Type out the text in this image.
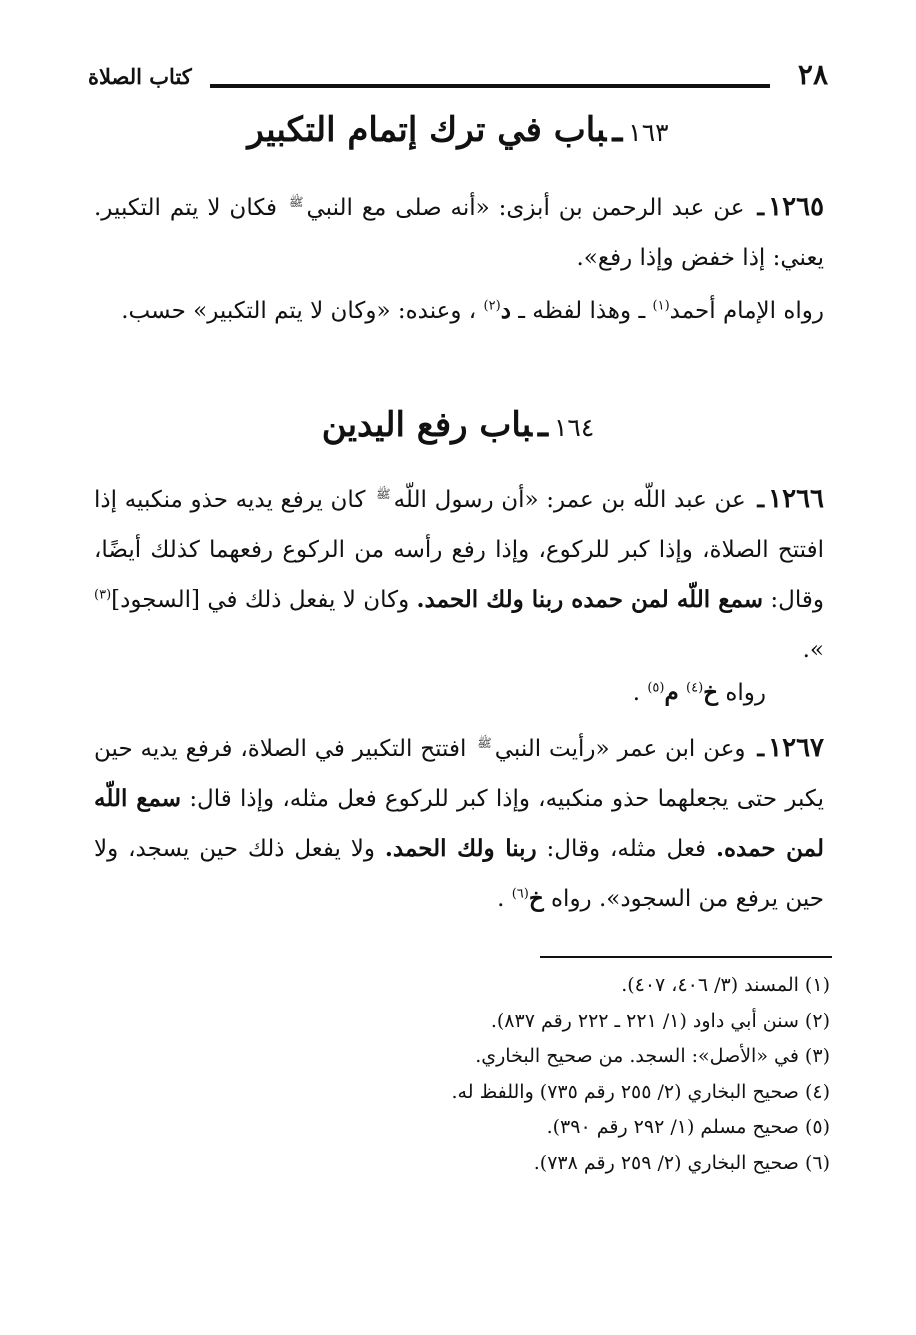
٢٨
كتاب الصلاة
١٦٣ـباب في ترك إتمام التكبير
١٢٦٥ـ عن عبد الرحمن بن أبزى: «أنه صلى مع النبي$^ﷺ$ فكان لا يتم التكبير. يعني: إذا خفض وإذا رفع».
رواه الإمام أحمد$^{(١)}$ ـ وهذا لفظه ـ د$^{(٢)}$ ، وعنده: «وكان لا يتم التكبير» حسب.
١٦٤ـباب رفع اليدين
١٢٦٦ـ عن عبد اللّه بن عمر: «أن رسول اللّه$^ﷺ$ كان يرفع يديه حذو منكبيه إذا افتتح الصلاة، وإذا كبر للركوع، وإذا رفع رأسه من الركوع رفعهما كذلك أيضًا، وقال: سمع اللّه لمن حمده ربنا ولك الحمد. وكان لا يفعل ذلك في [السجود]$^{(٣)}$ ».
رواه خ$^{(٤)}$ م$^{(٥)}$ .
١٢٦٧ـ وعن ابن عمر «رأيت النبي$^ﷺ$ افتتح التكبير في الصلاة، فرفع يديه حين يكبر حتى يجعلهما حذو منكبيه، وإذا كبر للركوع فعل مثله، وإذا قال: سمع اللّه لمن حمده. فعل مثله، وقال: ربنا ولك الحمد. ولا يفعل ذلك حين يسجد، ولا حين يرفع من السجود». رواه خ$^{(٦)}$ .
(١) المسند (٣/ ٤٠٦، ٤٠٧).
(٢) سنن أبي داود (١/ ٢٢١ ـ ٢٢٢ رقم ٨٣٧).
(٣) في «الأصل»: السجد. من صحيح البخاري.
(٤) صحيح البخاري (٢/ ٢٥٥ رقم ٧٣٥) واللفظ له.
(٥) صحيح مسلم (١/ ٢٩٢ رقم ٣٩٠).
(٦) صحيح البخاري (٢/ ٢٥٩ رقم ٧٣٨).
